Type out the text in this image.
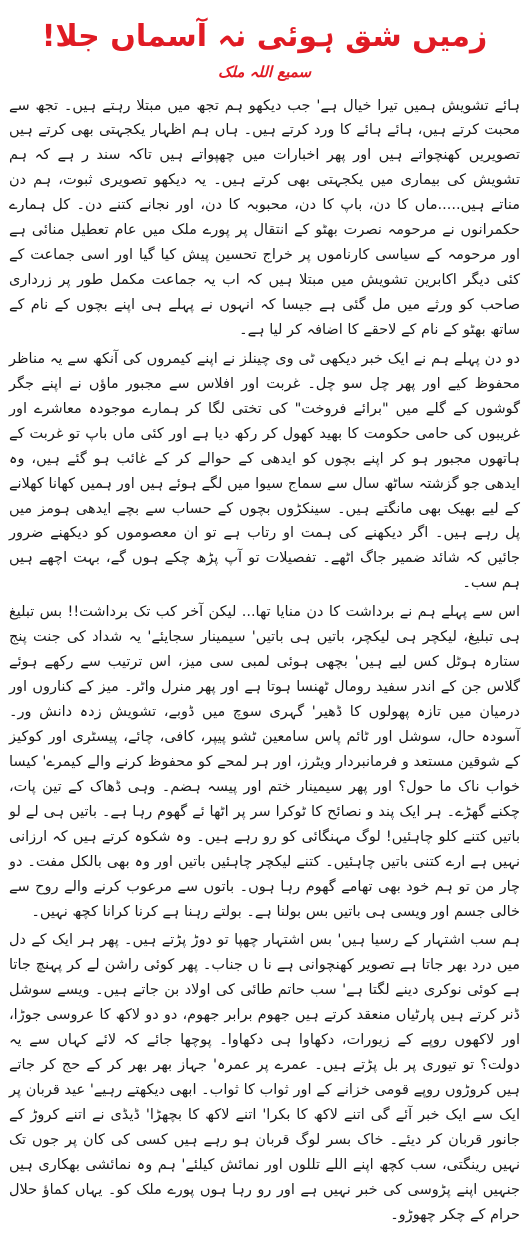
زمیں شق ہوئی نہ آسماں جلا!
سمیع اللہ ملک

ہائے تشویش ہمیں تیرا خیال ہے' جب دیکھو ہم تجھ میں مبتلا رہتے ہیں۔ تجھ سے محبت کرتے ہیں، ہائے ہائے کا ورد کرتے ہیں۔ ہاں ہم اظہار یکجہتی بھی کرتے ہیں تصویریں کھنچواتے ہیں اور پھر اخبارات میں چھپواتے ہیں تاکہ سند ر ہے کہ ہم تشویش کی بیماری میں یکجہتی بھی کرتے ہیں۔ یہ دیکھو تصویری ثبوت، ہم دن مناتے ہیں.....ماں کا دن، باپ کا دن، محبوبہ کا دن، اور نجانے کتنے دن۔ کل ہمارے حکمرانوں نے مرحومہ نصرت بھٹو کے انتقال پر پورے ملک میں عام تعطیل منائی ہے اور مرحومہ کے سیاسی کارناموں پر خراج تحسین پیش کیا گیا اور اسی جماعت کے کئی دیگر اکابرین تشویش میں مبتلا ہیں کہ اب یہ جماعت مکمل طور پر زرداری صاحب کو ورثے میں مل گئی ہے جیسا کہ انہوں نے پہلے ہی اپنے بچوں کے نام کے ساتھ بھٹو کے نام کے لاحقے کا اضافہ کر لیا ہے۔

دو دن پہلے ہم نے ایک خبر دیکھی ٹی وی چینلز نے اپنے کیمروں کی آنکھ سے یہ مناظر محفوظ کیے اور پھر چل سو چل۔ غربت اور افلاس سے مجبور ماؤں نے اپنے جگر گوشوں کے گلے میں "برائے فروخت" کی تختی لگا کر ہمارے موجودہ معاشرے اور غریبوں کی حامی حکومت کا بھید کھول کر رکھ دیا ہے اور کئی ماں باپ تو غربت کے ہاتھوں مجبور ہو کر اپنے بچوں کو ایدھی کے حوالے کر کے غائب ہو گئے ہیں، وہ ایدھی جو گزشتہ ساٹھ سال سے سماج سیوا میں لگے ہوئے ہیں اور ہمیں کھانا کھلانے کے لیے بھیک بھی مانگتے ہیں۔ سینکڑوں بچوں کے حساب سے بچے ایدھی ہومز میں پل رہے ہیں۔ اگر دیکھنے کی ہمت او رتاب ہے تو ان معصوموں کو دیکھنے ضرور جائیں کہ شائد ضمیر جاگ اٹھے۔ تفصیلات تو آپ پڑھ چکے ہوں گے، بہت اچھے ہیں ہم سب۔

اس سے پہلے ہم نے برداشت کا دن منایا تھا... لیکن آخر کب تک برداشت!! بس تبلیغ ہی تبلیغ، لیکچر ہی لیکچر، باتیں ہی باتیں' سیمینار سجایئے' یہ شداد کی جنت پنج ستارہ ہوٹل کس لیے ہیں' بچھی ہوئی لمبی سی میز، اس ترتیب سے رکھے ہوئے گلاس جن کے اندر سفید رومال ٹھنسا ہوتا ہے اور پھر منرل واٹر۔ میز کے کناروں اور درمیان میں تازہ پھولوں کا ڈھیر' گہری سوچ میں ڈوبے، تشویش زدہ دانش ور۔ آسودہ حال، سوشل اور ٹائم پاس سامعین ٹشو پیپر، کافی، چائے، پیسٹری اور کوکیز کے شوقین مستعد و فرمانبردار ویٹرز، اور ہر لمحے کو محفوظ کرنے والے کیمرے' کیسا خواب ناک ما حول؟ اور پھر سیمینار ختم اور پیسہ ہضم۔ وہی ڈھاک کے تین پات، چکنے گھڑے۔ ہر ایک پند و نصائح کا ٹوکرا سر پر اٹھا ئے گھوم رہا ہے۔ باتیں ہی لے لو باتیں کتنے کلو چاہئیں! لوگ مہنگائی کو رو رہے ہیں۔ وہ شکوہ کرتے ہیں کہ ارزانی نہیں ہے ارے کتنی باتیں چاہئیں۔ کتنے لیکچر چاہئیں باتیں اور وہ بھی بالکل مفت۔ دو چار من تو ہم خود بھی تھامے گھوم رہا ہوں۔ باتوں سے مرعوب کرنے والے روح سے خالی جسم اور ویسی ہی باتیں بس بولنا ہے۔ بولتے رہنا ہے کرنا کرانا کچھ نہیں۔

ہم سب اشتہار کے رسیا ہیں' بس اشتہار چھپا تو دوڑ پڑتے ہیں۔ پھر ہر ایک کے دل میں درد بھر جاتا ہے تصویر کھنچوانی ہے نا ں جناب۔ پھر کوئی راشن لے کر پہنچ جاتا ہے کوئی نوکری دینے لگتا ہے' سب حاتم طائی کی اولاد بن جاتے ہیں۔ ویسے سوشل ڈنر کرتے ہیں پارٹیاں منعقد کرتے ہیں جھوم برابر جھوم، دو دو لاکھ کا عروسی جوڑا، اور لاکھوں روپے کے زیورات، دکھاوا ہی دکھاوا۔ پوچھا جائے کہ لائے کہاں سے یہ دولت؟ تو تیوری پر بل پڑتے ہیں۔ عمرے پر عمرہ' جہاز بھر بھر کر کے حج کر جاتے ہیں کروڑوں روپے قومی خزانے کے اور ثواب کا ثواب۔ ابھی دیکھتے رہیے' عید قربان پر ایک سے ایک خبر آئے گی اتنے لاکھ کا بکرا' اتنے لاکھ کا بچھڑا' ڈیڈی نے اتنے کروڑ کے جانور قربان کر دیئے۔ خاک بسر لوگ قربان ہو رہے ہیں کسی کی کان پر جوں تک نہیں رینگتی، سب کچھ اپنے اللے تللوں اور نمائش کیلئے' ہم وہ نمائشی بھکاری ہیں جنہیں اپنے پڑوسی کی خبر نہیں ہے اور رو رہا ہوں پورے ملک کو۔ یہاں کماؤ حلال حرام کے چکر چھوڑو۔
